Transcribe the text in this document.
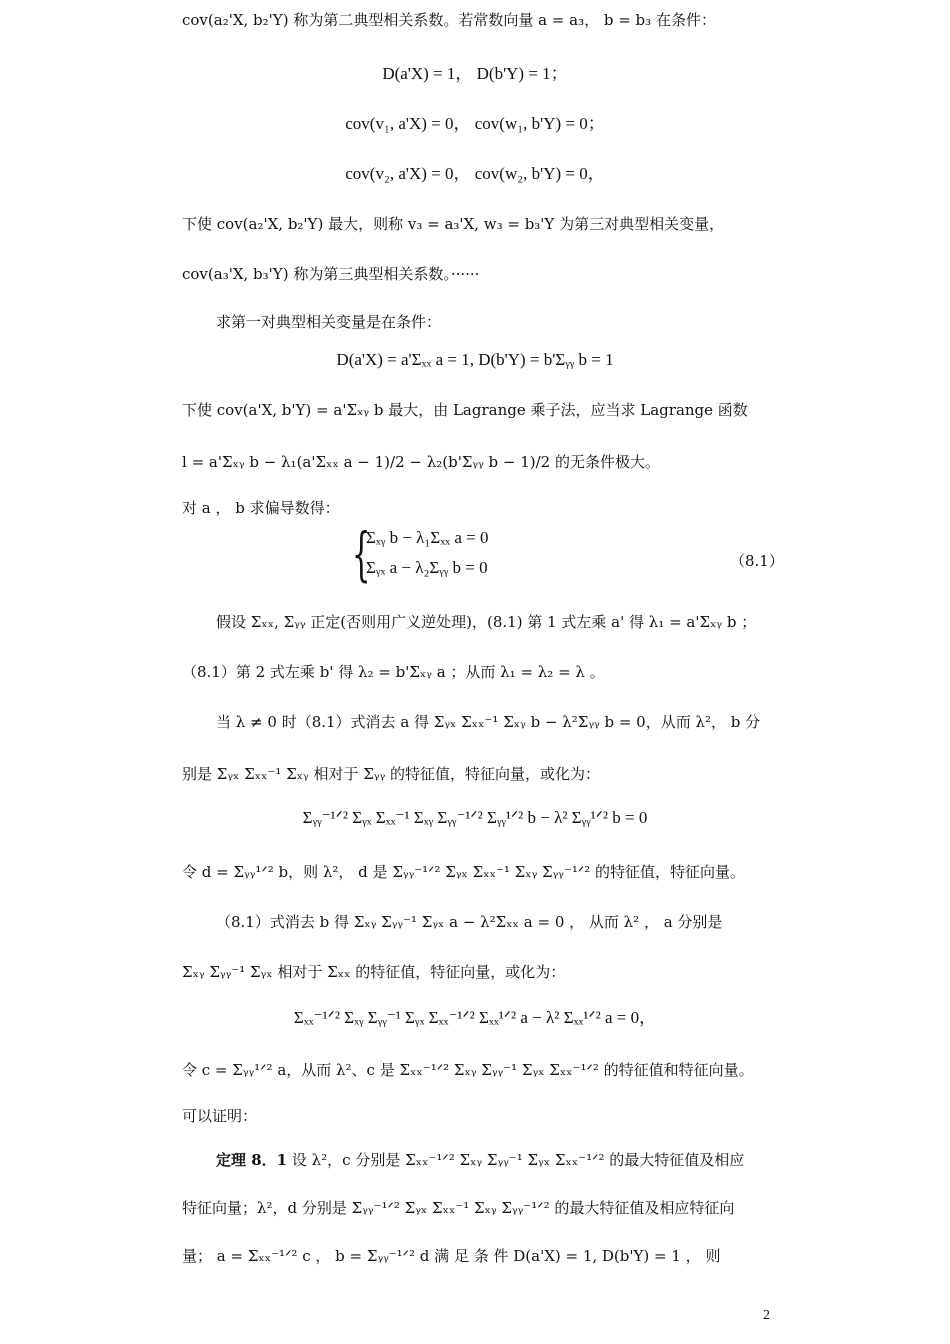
cov(a₂'X, b₂'Y) 称为第二典型相关系数。若常数向量 a = a₃， b = b₃ 在条件：
D(a'X) = 1， D(b'Y) = 1；
cov(v₁, a'X) = 0， cov(w₁, b'Y) = 0；
cov(v₂, a'X) = 0， cov(w₂, b'Y) = 0，
下使 cov(a₂'X, b₂'Y) 最大，则称 v₃ = a₃'X, w₃ = b₃'Y 为第三对典型相关变量，
cov(a₃'X, b₃'Y) 称为第三典型相关系数。······
求第一对典型相关变量是在条件：
D(a'X) = a'Σₓₓ a = 1, D(b'Y) = b'Σᵧᵧ b = 1
下使 cov(a'X, b'Y) = a'Σₓᵧ b 最大，由 Lagrange 乘子法，应当求 Lagrange 函数
l = a'Σₓᵧ b − λ₁(a'Σₓₓ a − 1)/2 − λ₂(b'Σᵧᵧ b − 1)/2 的无条件极大。
对 a ， b 求偏导数得：
{
Σₓᵧ b − λ₁Σₓₓ a = 0
Σᵧₓ a − λ₂Σᵧᵧ b = 0	（8.1）
假设 Σₓₓ, Σᵧᵧ 正定(否则用广义逆处理)，(8.1) 第 1 式左乘 a' 得 λ₁ = a'Σₓᵧ b ；
（8.1）第 2 式左乘 b' 得 λ₂ = b'Σₓᵧ a ；从而 λ₁ = λ₂ = λ 。
当 λ ≠ 0 时（8.1）式消去 a 得 Σᵧₓ Σₓₓ⁻¹ Σₓᵧ b − λ²Σᵧᵧ b = 0，从而 λ²， b 分
别是 Σᵧₓ Σₓₓ⁻¹ Σₓᵧ 相对于 Σᵧᵧ 的特征值，特征向量，或化为：
Σᵧᵧ⁻¹ᐟ² Σᵧₓ Σₓₓ⁻¹ Σₓᵧ Σᵧᵧ⁻¹ᐟ² Σᵧᵧ¹ᐟ² b − λ² Σᵧᵧ¹ᐟ² b = 0
令 d = Σᵧᵧ¹ᐟ² b，则 λ²， d 是 Σᵧᵧ⁻¹ᐟ² Σᵧₓ Σₓₓ⁻¹ Σₓᵧ Σᵧᵧ⁻¹ᐟ² 的特征值，特征向量。
（8.1）式消去 b 得 Σₓᵧ Σᵧᵧ⁻¹ Σᵧₓ a − λ²Σₓₓ a = 0 ， 从而 λ² ， a 分别是
Σₓᵧ Σᵧᵧ⁻¹ Σᵧₓ 相对于 Σₓₓ 的特征值，特征向量，或化为：
Σₓₓ⁻¹ᐟ² Σₓᵧ Σᵧᵧ⁻¹ Σᵧₓ Σₓₓ⁻¹ᐟ² Σₓₓ¹ᐟ² a − λ² Σₓₓ¹ᐟ² a = 0，
令 c = Σᵧᵧ¹ᐟ² a，从而 λ²、c 是 Σₓₓ⁻¹ᐟ² Σₓᵧ Σᵧᵧ⁻¹ Σᵧₓ Σₓₓ⁻¹ᐟ² 的特征值和特征向量。
可以证明：
定理 8．1 设 λ²，c 分别是 Σₓₓ⁻¹ᐟ² Σₓᵧ Σᵧᵧ⁻¹ Σᵧₓ Σₓₓ⁻¹ᐟ² 的最大特征值及相应
特征向量；λ²，d 分别是 Σᵧᵧ⁻¹ᐟ² Σᵧₓ Σₓₓ⁻¹ Σₓᵧ Σᵧᵧ⁻¹ᐟ² 的最大特征值及相应特征向
量； a = Σₓₓ⁻¹ᐟ² c ， b = Σᵧᵧ⁻¹ᐟ² d 满 足 条 件 D(a'X) = 1, D(b'Y) = 1 ， 则
2
